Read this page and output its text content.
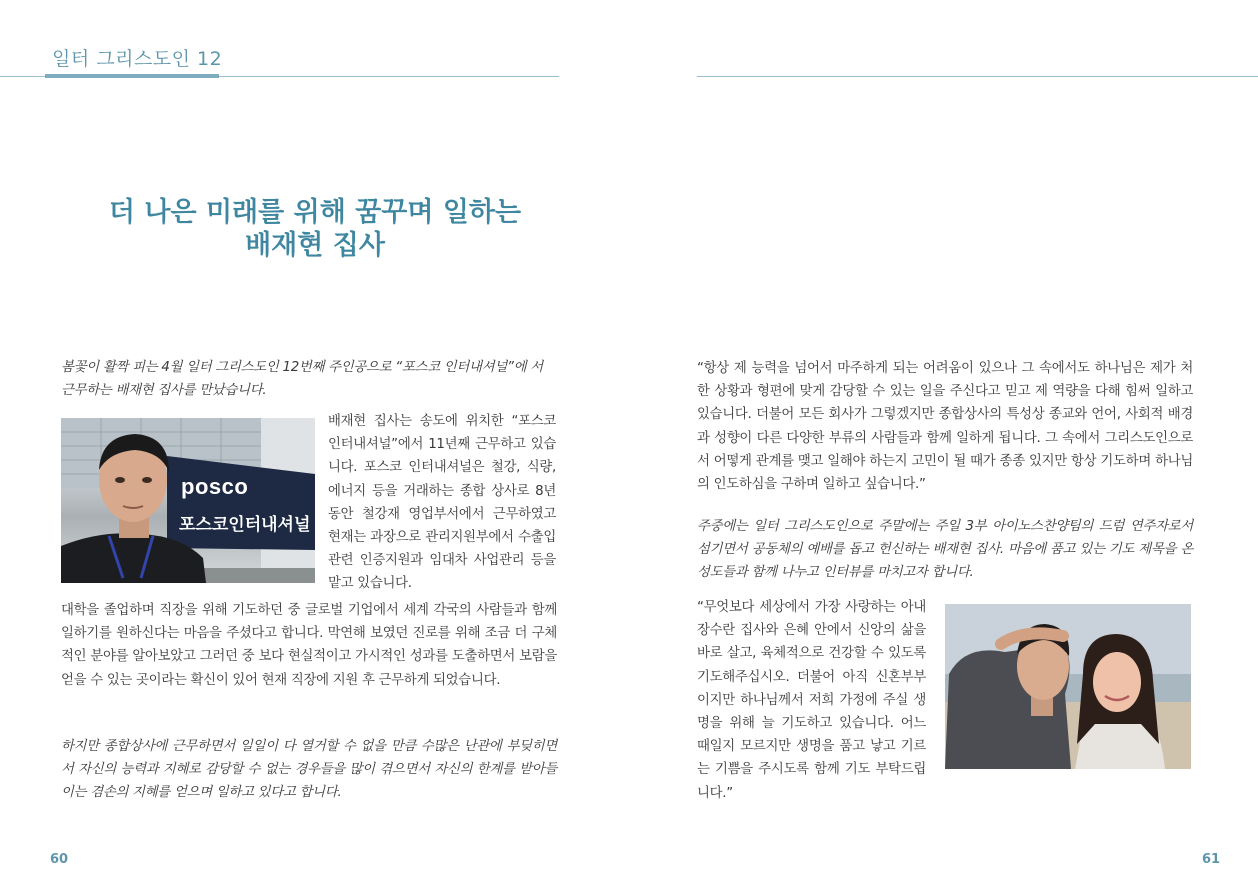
일터 그리스도인 12
더 나은 미래를 위해 꿈꾸며 일하는
배재현 집사

봄꽃이 활짝 피는 4월 일터 그리스도인 12번째 주인공으로 “포스코 인터내셔널”에 서 근무하는 배재현 집사를 만났습니다.

posco
포스코인터내셔널

배재현 집사는 송도에 위치한 “포스코 인터내셔널”에서 11년째 근무하고 있습니다. 포스코 인터내셔널은 철강, 식량, 에너지 등을 거래하는 종합 상사로 8년 동안 철강재 영업부서에서 근무하였고 현재는 과장으로 관리지원부에서 수출입 관련 인증지원과 임대차 사업관리 등을 맡고 있습니다.

대학을 졸업하며 직장을 위해 기도하던 중 글로벌 기업에서 세계 각국의 사람들과 함께 일하기를 원하신다는 마음을 주셨다고 합니다. 막연해 보였던 진로를 위해 조금 더 구체적인 분야를 알아보았고 그러던 중 보다 현실적이고 가시적인 성과를 도출하면서 보람을 얻을 수 있는 곳이라는 확신이 있어 현재 직장에 지원 후 근무하게 되었습니다.

하지만 종합상사에 근무하면서 일일이 다 열거할 수 없을 만큼 수많은 난관에 부딪히면서 자신의 능력과 지혜로 감당할 수 없는 경우들을 많이 겪으면서 자신의 한계를 받아들이는 겸손의 지혜를 얻으며 일하고 있다고 합니다.

60

“항상 제 능력을 넘어서 마주하게 되는 어려움이 있으나 그 속에서도 하나님은 제가 처한 상황과 형편에 맞게 감당할 수 있는 일을 주신다고 믿고 제 역량을 다해 힘써 일하고 있습니다. 더불어 모든 회사가 그렇겠지만 종합상사의 특성상 종교와 언어, 사회적 배경과 성향이 다른 다양한 부류의 사람들과 함께 일하게 됩니다. 그 속에서 그리스도인으로서 어떻게 관계를 맺고 일해야 하는지 고민이 될 때가 종종 있지만 항상 기도하며 하나님의 인도하심을 구하며 일하고 싶습니다.”

주중에는 일터 그리스도인으로 주말에는 주일 3부 아이노스찬양팀의 드럼 연주자로서 섬기면서 공동체의 예배를 돕고 헌신하는 배재현 집사. 마음에 품고 있는 기도 제목을 온 성도들과 함께 나누고 인터뷰를 마치고자 합니다.

“무엇보다 세상에서 가장 사랑하는 아내 장수란 집사와 은혜 안에서 신앙의 삶을 바로 살고, 육체적으로 건강할 수 있도록 기도해주십시오. 더불어 아직 신혼부부이지만 하나님께서 저희 가정에 주실 생명을 위해 늘 기도하고 있습니다. 어느 때일지 모르지만 생명을 품고 낳고 기르는 기쁨을 주시도록 함께 기도 부탁드립니다.”

61
